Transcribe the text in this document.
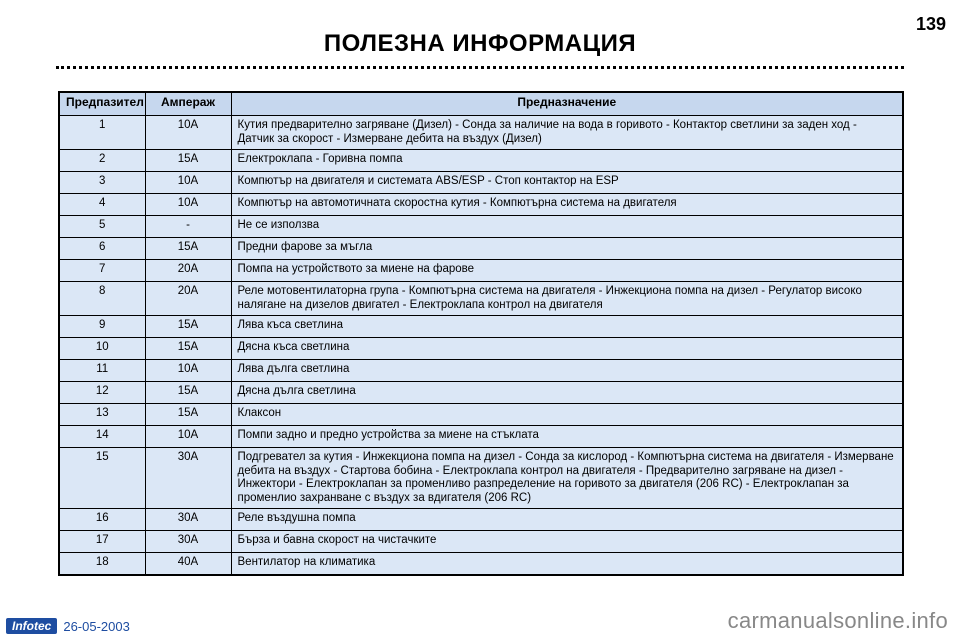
139
ПОЛЕЗНА ИНФОРМАЦИЯ
Предпазител	Ампераж	Предназначение
1	10A	Кутия предварително загряване (Дизел) - Сонда за наличие на вода в горивото - Контактор светлини за заден ход - Датчик за скорост - Измерване дебита на въздух (Дизел)
2	15A	Електроклапа - Горивна помпа
3	10A	Компютър на двигателя и системата ABS/ESP - Стоп контактор на ESP
4	10A	Компютър на автомотичната скоростна кутия - Компютърна система на двигателя
5	-	Не се използва
6	15A	Предни фарове за мъгла
7	20A	Помпа на устройството за миене на фарове
8	20A	Реле мотовентилаторна група - Компютърна система на двигателя - Инжекциона помпа на дизел - Регулатор високо налягане на дизелов двигател - Електроклапа контрол на двигателя
9	15A	Лява къса светлина
10	15A	Дясна къса светлина
11	10A	Лява дълга светлина
12	15A	Дясна дълга светлина
13	15A	Клаксон
14	10A	Помпи задно и предно устройства за миене на стъклата
15	30A	Подгревател за кутия - Инжекциона помпа на дизел - Сонда за кислород - Компютърна система на двигателя - Измерване дебита на въздух - Стартова бобина - Електроклапа контрол на двигателя - Предварително загряване на дизел - Инжектори - Електроклапан за променливо разпределение на горивото за двигателя (206 RC) - Електроклапан за променлио захранване с въздух за вдигателя (206 RC)
16	30A	Реле въздушна помпа
17	30A	Бърза и бавна скорост на чистачките
18	40A	Вентилатор на климатика
Infotec 26-05-2003	carmanualsonline.info
